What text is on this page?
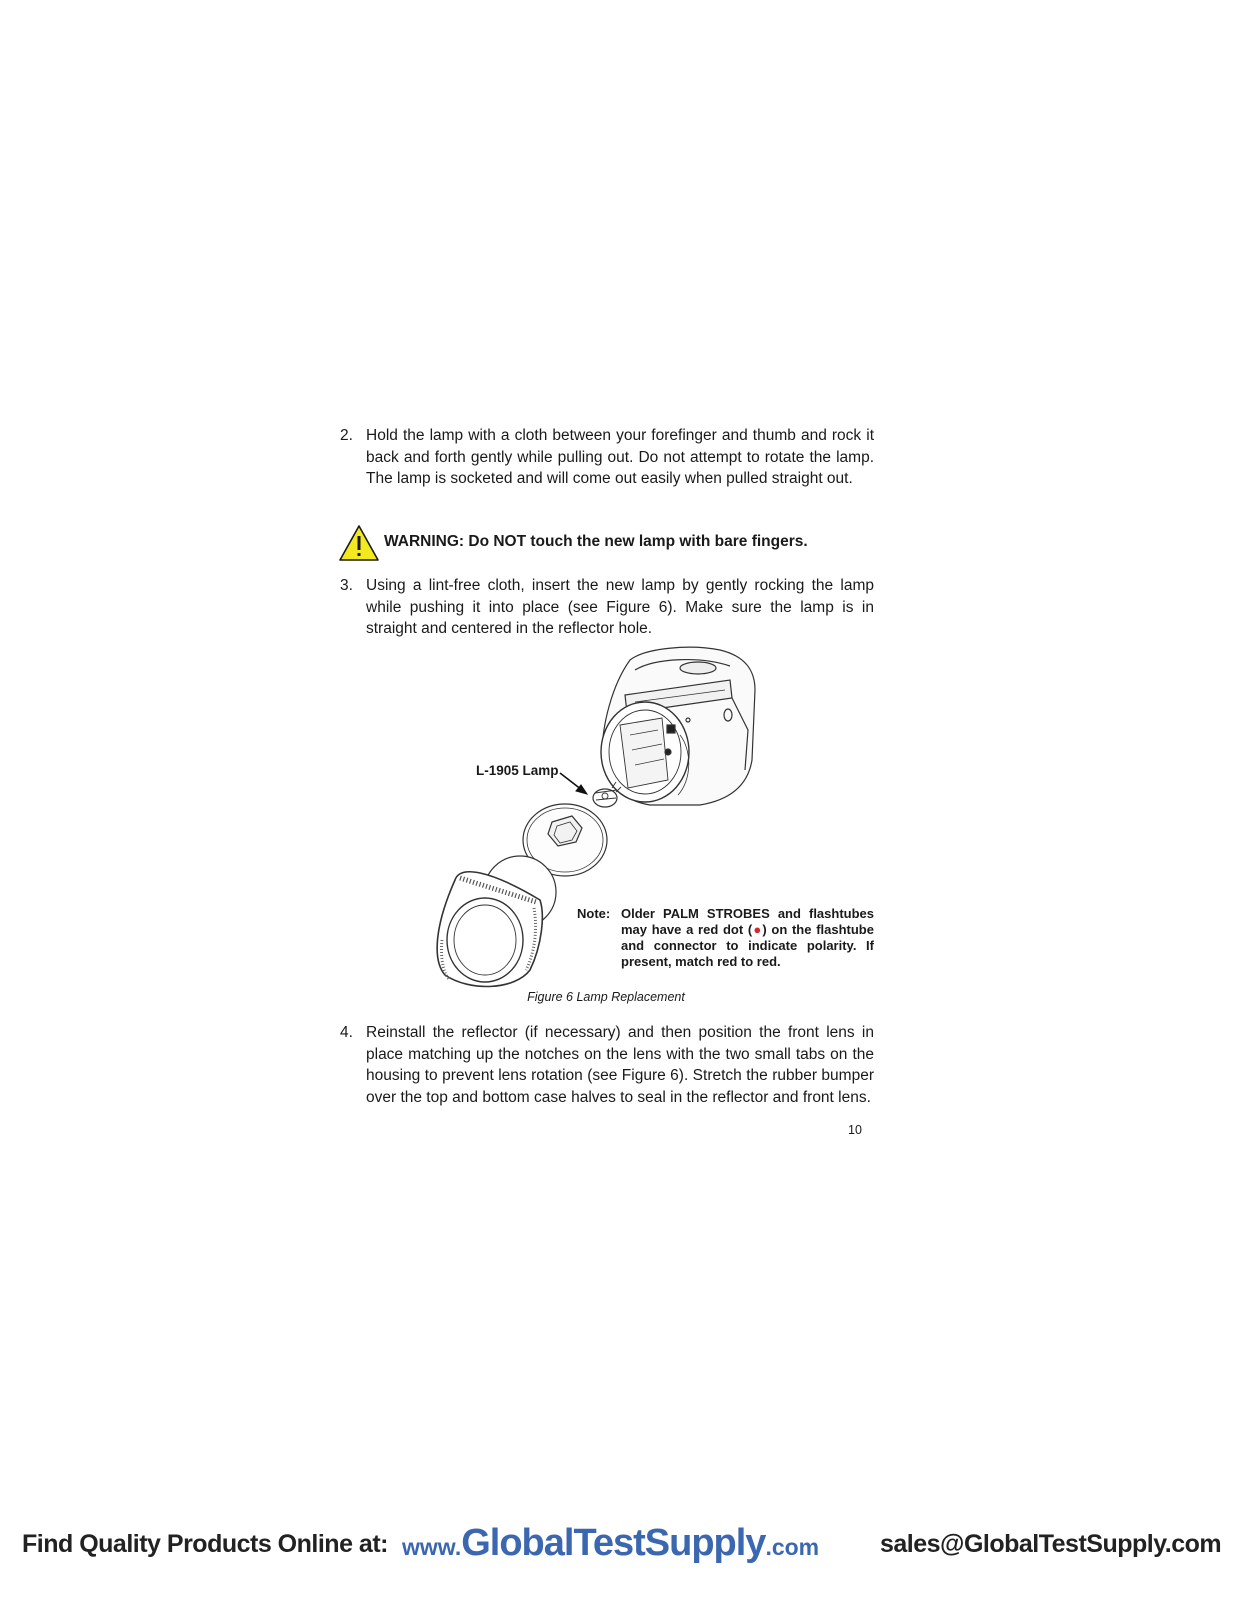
2. Hold the lamp with a cloth between your forefinger and thumb and rock it back and forth gently while pulling out. Do not attempt to rotate the lamp. The lamp is socketed and will come out easily when pulled straight out.
WARNING: Do NOT touch the new lamp with bare fingers.
3. Using a lint-free cloth, insert the new lamp by gently rocking the lamp while pushing it into place (see Figure 6). Make sure the lamp is in straight and centered in the reflector hole.
L-1905 Lamp
Note: Older PALM STROBES and flashtubes may have a red dot (●) on the flashtube and connector to indicate polarity. If present, match red to red.
Figure 6 Lamp Replacement
4. Reinstall the reflector (if necessary) and then position the front lens in place matching up the notches on the lens with the two small tabs on the housing to prevent lens rotation (see Figure 6). Stretch the rubber bumper over the top and bottom case halves to seal in the reflector and front lens.
10
Find Quality Products Online at: www.GlobalTestSupply.com sales@GlobalTestSupply.com
